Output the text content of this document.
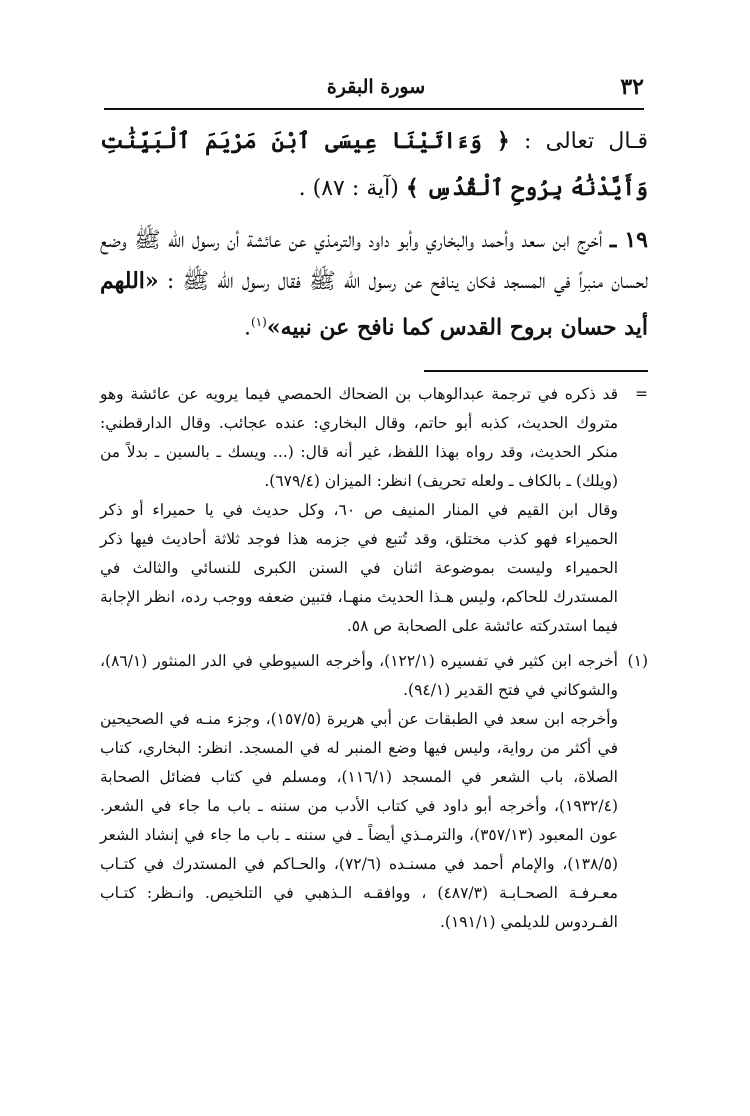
٣٢
سورة البقرة

قـال تعالى : ﴿ وَءَاتَيْنَا عِيسَى ٱبْنَ مَرْيَمَ ٱلْبَيِّنَٰتِ وَأَيَّدْنَٰهُ بِرُوحِ ٱلْقُدُسِ ﴾ (آية : ٨٧) .

١٩ ـ أخرج ابن سعد وأحمد والبخاري وأبو داود والترمذي عن عائشة أن رسول الله ﷺ وضع لحسان منبراً في المسجد فكان ينافح عن رسول الله ﷺ فقال رسول الله ﷺ : «اللهم أيد حسان بروح القدس كما نافح عن نبيه»$^{(١)}$.

=

قد ذكره في ترجمة عبدالوهاب بن الضحاك الحمصي فيما يرويه عن عائشة وهو متروك الحديث، كذبه أبو حاتم، وقال البخاري: عنده عجائب. وقال الدارقطني: منكر الحديث، وقد رواه بهذا اللفظ، غير أنه قال: (... ويسك ـ بالسين ـ بدلاً من (ويلك) ـ بالكاف ـ ولعله تحريف) انظر: الميزان (٦٧٩/٤).

وقال ابن القيم في المنار المنيف ص ٦٠، وكل حديث في يا حميراء أو ذكر الحميراء فهو كذب مختلق، وقد تُتبع في جزمه هذا فوجد ثلاثة أحاديث فيها ذكر الحميراء وليست بموضوعة اثنان في السنن الكبرى للنسائي والثالث في المستدرك للحاكم، وليس هـذا الحديث منهـا، فتبين ضعفه ووجب رده، انظر الإجابة فيما استدركته عائشة على الصحابة ص ٥٨.

(١)

أخرجه ابن كثير في تفسيره (١٢٢/١)، وأخرجه السيوطي في الدر المنثور (٨٦/١)، والشوكاني في فتح القدير (٩٤/١).

وأخرجه ابن سعد في الطبقات عن أبي هريرة (١٥٧/٥)، وجزء منـه في الصحيحين في أكثر من رواية، وليس فيها وضع المنبر له في المسجد. انظر: البخاري، كتاب الصلاة، باب الشعر في المسجد (١١٦/١)، ومسلم في كتاب فضائل الصحابة (١٩٣٢/٤)، وأخرجه أبو داود في كتاب الأدب من سننه ـ باب ما جاء في الشعر. عون المعبود (٣٥٧/١٣)، والترمـذي أيضاً ـ في سننه ـ باب ما جاء في إنشاد الشعر (١٣٨/٥)، والإمام أحمد في مسنـده (٧٢/٦)، والحـاكم في المستدرك في كتـاب معـرفـة الصحـابـة (٤٨٧/٣) ، ووافقـه الـذهبي في التلخيص. وانـظر: كتـاب الفـردوس للديلمي (١٩١/١).
